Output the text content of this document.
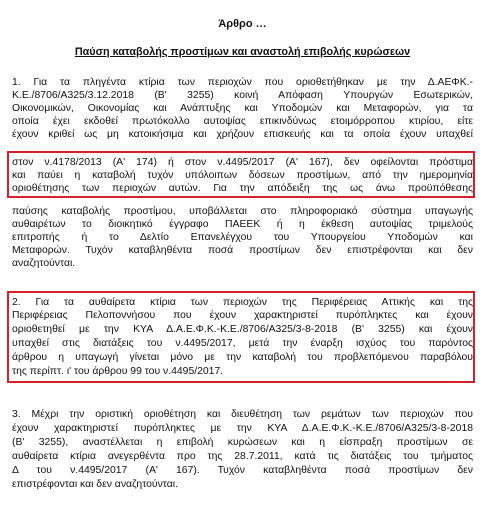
Άρθρο …
Παύση καταβολής προστίμων και αναστολή επιβολής κυρώσεων
1. Για τα πληγέντα κτίρια των περιοχών που οριοθετήθηκαν με την Δ.ΑΕΦΚ.-
Κ.Ε./8706/Α325/3.12.2018 (Β' 3255) κοινή Απόφαση Υπουργών Εσωτερικών,
Οικονομικών, Οικονομίας και Ανάπτυξης και Υποδομών και Μεταφορών, για τα
οποία έχει εκδοθεί πρωτόκολλο αυτοψίας επικινδύνως ετοιμόρροπου κτιρίου, είτε
έχουν κριθεί ως μη κατοικήσιμα και χρήζουν επισκευής και τα οποία έχουν υπαχθεί
στον ν.4178/2013 (Α' 174) ή στον ν.4495/2017 (Α' 167), δεν οφείλονται πρόστιμα
και παύει η καταβολή τυχόν υπόλοιπων δόσεων προστίμων, από την ημερομηνία
οριοθέτησης των περιοχών αυτών. Για την απόδειξη της ως άνω προϋπόθεσης
παύσης καταβολής προστίμου, υποβάλλεται στο πληροφοριακό σύστημα υπαγωγής
αυθαιρέτων το διοικητικό έγγραφο ΠΑΕΕΚ ή η έκθεση αυτοψίας τριμελούς
επιτροπής ή το Δελτίο Επανελέγχου του Υπουργείου Υποδομών και
Μεταφορών. Τυχόν καταβληθέντα ποσά προστίμων δεν επιστρέφονται και δεν
αναζητούνται.
2. Για τα αυθαίρετα κτίρια των περιοχών της Περιφέρειας Αττικής και της
Περιφέρειας Πελοποννήσου που έχουν χαρακτηριστεί πυρόπληκτες και έχουν
οριοθετηθεί με την ΚΥΑ Δ.Α.Ε.Φ.Κ.-Κ.Ε./8706/Α325/3-8-2018 (Β' 3255) και έχουν
υπαχθεί στις διατάξεις του ν.4495/2017, μετά την έναρξη ισχύος του παρόντος
άρθρου η υπαγωγή γίνεται μόνο με την καταβολή του προβλεπόμενου παραβόλου
της περίπτ. ι' του άρθρου 99 του ν.4495/2017.
3. Μέχρι την οριστική οριοθέτηση και διευθέτηση των ρεμάτων των περιοχών που
έχουν χαρακτηριστεί πυρόπληκτες με την ΚΥΑ Δ.Α.Ε.Φ.Κ.-Κ.Ε./8706/Α325/3-8-2018
(Β' 3255), αναστέλλεται η επιβολή κυρώσεων και η είσπραξη προστίμων σε
αυθαίρετα κτίρια ανεγερθέντα προ της 28.7.2011, κατά τις διατάξεις του τμήματος
Δ του ν.4495/2017 (Α' 167). Τυχόν καταβληθέντα ποσά προστίμων δεν
επιστρέφονται και δεν αναζητούνται.
